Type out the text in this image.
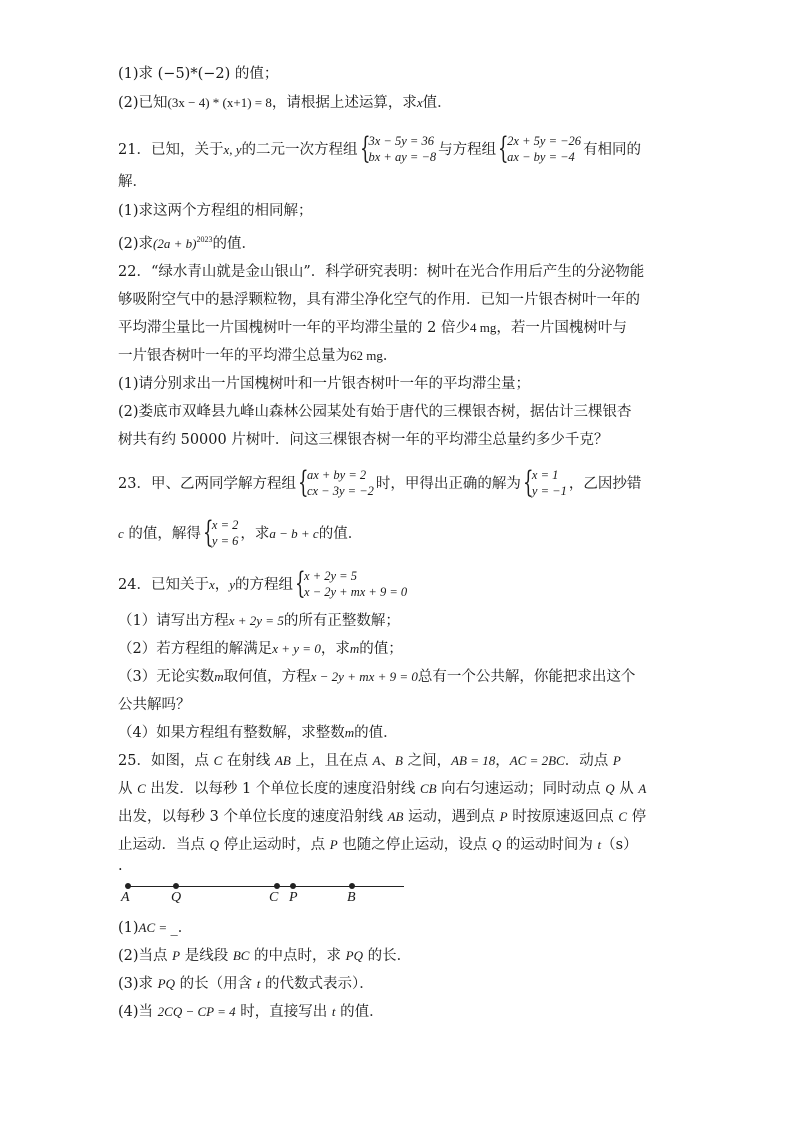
(1)求 (−5)*(−2) 的值；
(2)已知(3x − 4) * (x+1) = 8，请根据上述运算，求x值．
21．已知，关于x, y的二元一次方程组 {
3x − 5y = 36
bx + ay = −8 与方程组 {
2x + 5y = −26
ax − by = −4 有相同的
解．
(1)求这两个方程组的相同解；
(2)求$(2a + b)^{2023}$的值．
22．“绿水青山就是金山银山”．科学研究表明：树叶在光合作用后产生的分泌物能
够吸附空气中的悬浮颗粒物，具有滞尘净化空气的作用．已知一片银杏树叶一年的
平均滞尘量比一片国槐树叶一年的平均滞尘量的 2 倍少4 mg，若一片国槐树叶与
一片银杏树叶一年的平均滞尘总量为62 mg．
(1)请分别求出一片国槐树叶和一片银杏树叶一年的平均滞尘量；
(2)娄底市双峰县九峰山森林公园某处有始于唐代的三棵银杏树，据估计三棵银杏
树共有约 50000 片树叶．问这三棵银杏树一年的平均滞尘总量约多少千克？
23．甲、乙两同学解方程组 {
ax + by = 2
cx − 3y = −2 时，甲得出正确的解为 {
x = 1
y = −1 ，乙因抄错
c 的值，解得 {
x = 2
y = 6 ，求a − b + c的值．
24．已知关于x，y的方程组 {
x + 2y = 5
x − 2y + mx + 9 = 0
（1）请写出方程x + 2y = 5的所有正整数解；
（2）若方程组的解满足x + y = 0，求m的值；
（3）无论实数m取何值，方程x − 2y + mx + 9 = 0总有一个公共解，你能把求出这个
公共解吗？
（4）如果方程组有整数解，求整数m的值．
25．如图，点 C 在射线 AB 上，且在点 A、B 之间，AB = 18，AC = 2BC．动点 P
从 C 出发．以每秒 1 个单位长度的速度沿射线 CB 向右匀速运动；同时动点 Q 从 A
出发，以每秒 3 个单位长度的速度沿射线 AB 运动，遇到点 P 时按原速返回点 C 停
止运动．当点 Q 停止运动时，点 P 也随之停止运动，设点 Q 的运动时间为 t（s）
.
A	Q	C P	B
(1)AC = _．
(2)当点 P 是线段 BC 的中点时，求 PQ 的长．
(3)求 PQ 的长（用含 t 的代数式表示）．
(4)当 2CQ − CP = 4 时，直接写出 t 的值．
